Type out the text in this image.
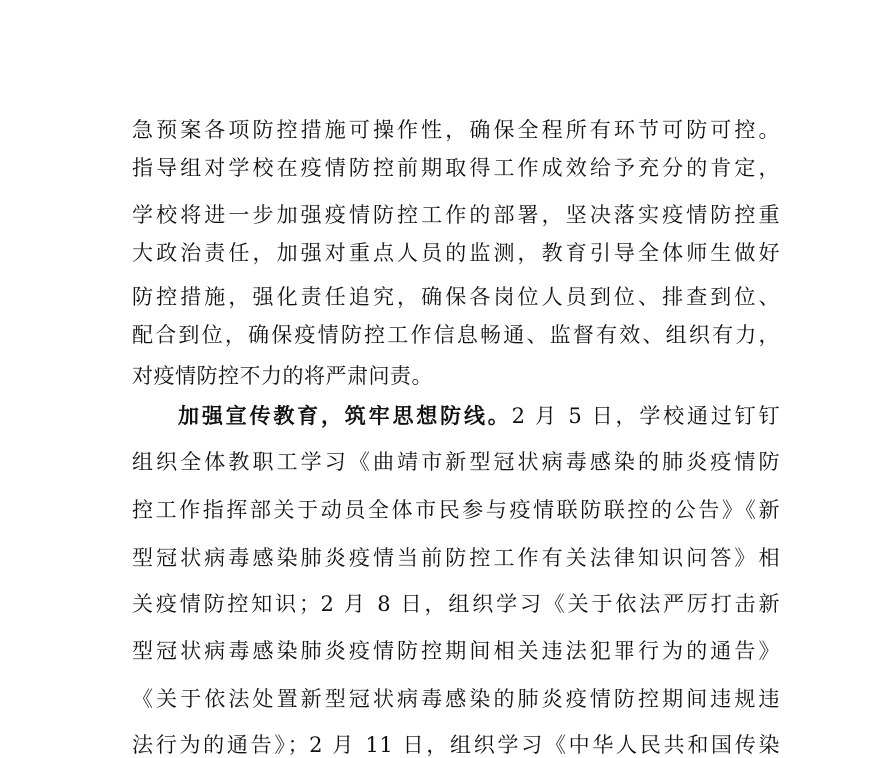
急预案各项防控措施可操作性，确保全程所有环节可防可控。
指导组对学校在疫情防控前期取得工作成效给予充分的肯定，
学校将进一步加强疫情防控工作的部署，坚决落实疫情防控重
大政治责任，加强对重点人员的监测，教育引导全体师生做好
防控措施，强化责任追究，确保各岗位人员到位、排查到位、
配合到位，确保疫情防控工作信息畅通、监督有效、组织有力，
对疫情防控不力的将严肃问责。
加强宣传教育，筑牢思想防线。2 月 5 日，学校通过钉钉
组织全体教职工学习《曲靖市新型冠状病毒感染的肺炎疫情防
控工作指挥部关于动员全体市民参与疫情联防联控的公告》《新
型冠状病毒感染肺炎疫情当前防控工作有关法律知识问答》相
关疫情防控知识；2 月 8 日，组织学习《关于依法严厉打击新
型冠状病毒感染肺炎疫情防控期间相关违法犯罪行为的通告》
《关于依法处置新型冠状病毒感染的肺炎疫情防控期间违规违
法行为的通告》；2 月 11 日，组织学习《中华人民共和国传染
